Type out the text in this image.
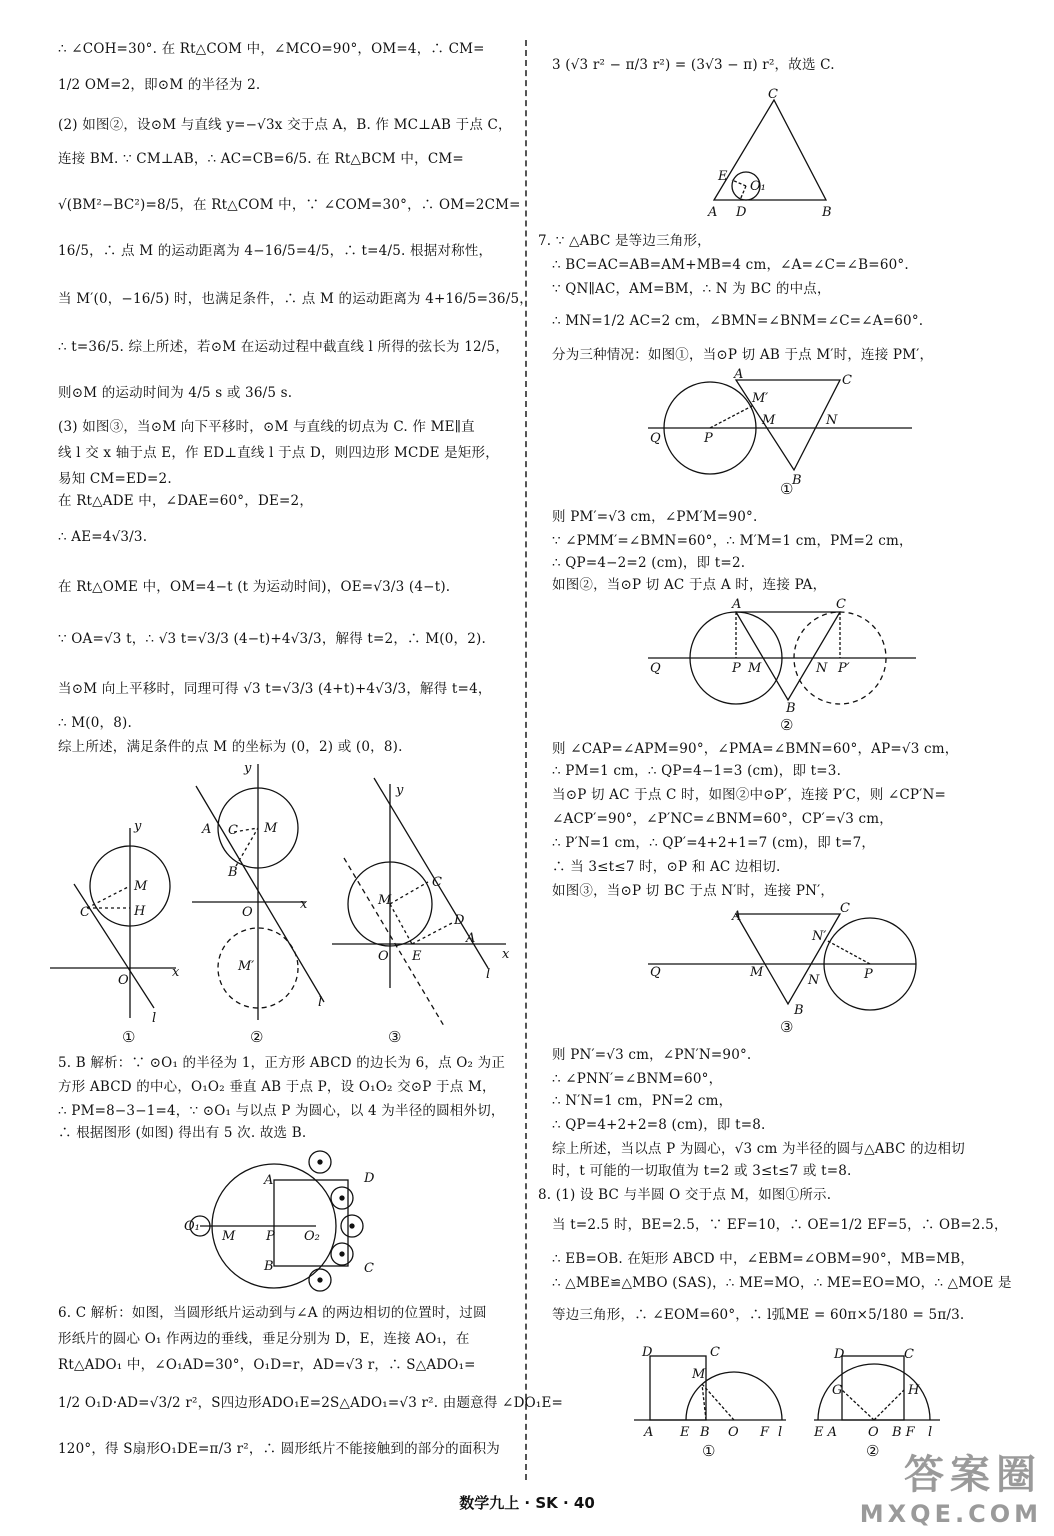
∴ ∠COH=30°. 在 Rt△COM 中，∠MCO=90°，OM=4，∴ CM=
1/2 OM=2，即⊙M 的半径为 2.
(2) 如图②，设⊙M 与直线 y=−√3x 交于点 A，B. 作 MC⊥AB 于点 C，
连接 BM. ∵ CM⊥AB，∴ AC=CB=6/5. 在 Rt△BCM 中，CM=
√(BM²−BC²)=8/5，在 Rt△COM 中，∵ ∠COM=30°，∴ OM=2CM=
16/5，∴ 点 M 的运动距离为 4−16/5=4/5，∴ t=4/5. 根据对称性，
当 M′(0，−16/5) 时，也满足条件，∴ 点 M 的运动距离为 4+16/5=36/5，
∴ t=36/5. 综上所述，若⊙M 在运动过程中截直线 l 所得的弦长为 12/5，
则⊙M 的运动时间为 4/5 s 或 36/5 s.
(3) 如图③，当⊙M 向下平移时，⊙M 与直线的切点为 C. 作 ME∥直
线 l 交 x 轴于点 E，作 ED⊥直线 l 于点 D，则四边形 MCDE 是矩形，
易知 CM=ED=2.
在 Rt△ADE 中，∠DAE=60°，DE=2，
∴ AE=4√3/3.
在 Rt△OME 中，OM=4−t (t 为运动时间)，OE=√3/3 (4−t).
∵ OA=√3 t，∴ √3 t=√3/3 (4−t)+4√3/3，解得 t=2，∴ M(0，2).
当⊙M 向上平移时，同理可得 √3 t=√3/3 (4+t)+4√3/3，解得 t=4，
∴ M(0，8).
综上所述，满足条件的点 M 的坐标为 (0，2) 或 (0，8).
y
x
M
H
C
O
l
y
x
A C M
B
O
M′
l
y
x
M
C
D
A
O E
l
①	②	③
5. B 解析：∵ ⊙O₁ 的半径为 1，正方形 ABCD 的边长为 6，点 O₂ 为正
方形 ABCD 的中心，O₁O₂ 垂直 AB 于点 P，设 O₁O₂ 交⊙P 于点 M，
∴ PM=8−3−1=4，∵ ⊙O₁ 与以点 P 为圆心，以 4 为半径的圆相外切，
∴ 根据图形 (如图) 得出有 5 次. 故选 B.
A	D
B	C
O₁
M P O₂
6. C 解析：如图，当圆形纸片运动到与∠A 的两边相切的位置时，过圆
形纸片的圆心 O₁ 作两边的垂线，垂足分别为 D，E，连接 AO₁，在
Rt△ADO₁ 中，∠O₁AD=30°，O₁D=r，AD=√3 r，∴ S△ADO₁=
1/2 O₁D·AD=√3/2 r²，S四边形ADO₁E=2S△ADO₁=√3 r². 由题意得 ∠DO₁E=
120°，得 S扇形O₁DE=π/3 r²，∴ 圆形纸片不能接触到的部分的面积为
3 (√3 r² − π/3 r²) = (3√3 − π) r²，故选 C.
C
E
A D	B
O₁
7. ∵ △ABC 是等边三角形，
∴ BC=AC=AB=AM+MB=4 cm，∠A=∠C=∠B=60°.
∵ QN∥AC，AM=BM，∴ N 为 BC 的中点，
∴ MN=1/2 AC=2 cm，∠BMN=∠BNM=∠C=∠A=60°.
分为三种情况：如图①，当⊙P 切 AB 于点 M′时，连接 PM′，
A	C
M′
M	N
Q	P
B
①
则 PM′=√3 cm，∠PM′M=90°.
∵ ∠PMM′=∠BMN=60°，∴ M′M=1 cm，PM=2 cm，
∴ QP=4−2=2 (cm)，即 t=2.
如图②，当⊙P 切 AC 于点 A 时，连接 PA，
A	C
Q	P M	N P′
B
②
则 ∠CAP=∠APM=90°，∠PMA=∠BMN=60°，AP=√3 cm，
∴ PM=1 cm，∴ QP=4−1=3 (cm)，即 t=3.
当⊙P 切 AC 于点 C 时，如图②中⊙P′，连接 P′C，则 ∠CP′N=
∠ACP′=90°，∠P′NC=∠BNM=60°，CP′=√3 cm，
∴ P′N=1 cm，∴ QP′=4+2+1=7 (cm)，即 t=7，
∴ 当 3≤t≤7 时，⊙P 和 AC 边相切.
如图③，当⊙P 切 BC 于点 N′时，连接 PN′，
A
C
N′
Q	M
N	P
B
③
则 PN′=√3 cm，∠PN′N=90°.
∴ ∠PNN′=∠BNM=60°，
∴ N′N=1 cm，PN=2 cm，
∴ QP=4+2+2=8 (cm)，即 t=8.
综上所述，当以点 P 为圆心，√3 cm 为半径的圆与△ABC 的边相切
时，t 可能的一切取值为 t=2 或 3≤t≤7 或 t=8.
8. (1) 设 BC 与半圆 O 交于点 M，如图①所示.
当 t=2.5 时，BE=2.5，∵ EF=10，∴ OE=1/2 EF=5，∴ OB=2.5，
∴ EB=OB. 在矩形 ABCD 中，∠EBM=∠OBM=90°，MB=MB，
∴ △MBE≌△MBO (SAS)，∴ ME=MO，∴ ME=EO=MO，∴ △MOE 是
等边三角形，∴ ∠EOM=60°，∴ l弧ME = 60π×5/180 = 5π/3.
D	C
M
A E B O F l
①
D	C
G	H
E A O B F l
②
数学九上 · SK · 40
答案圈
MXQE.COM
